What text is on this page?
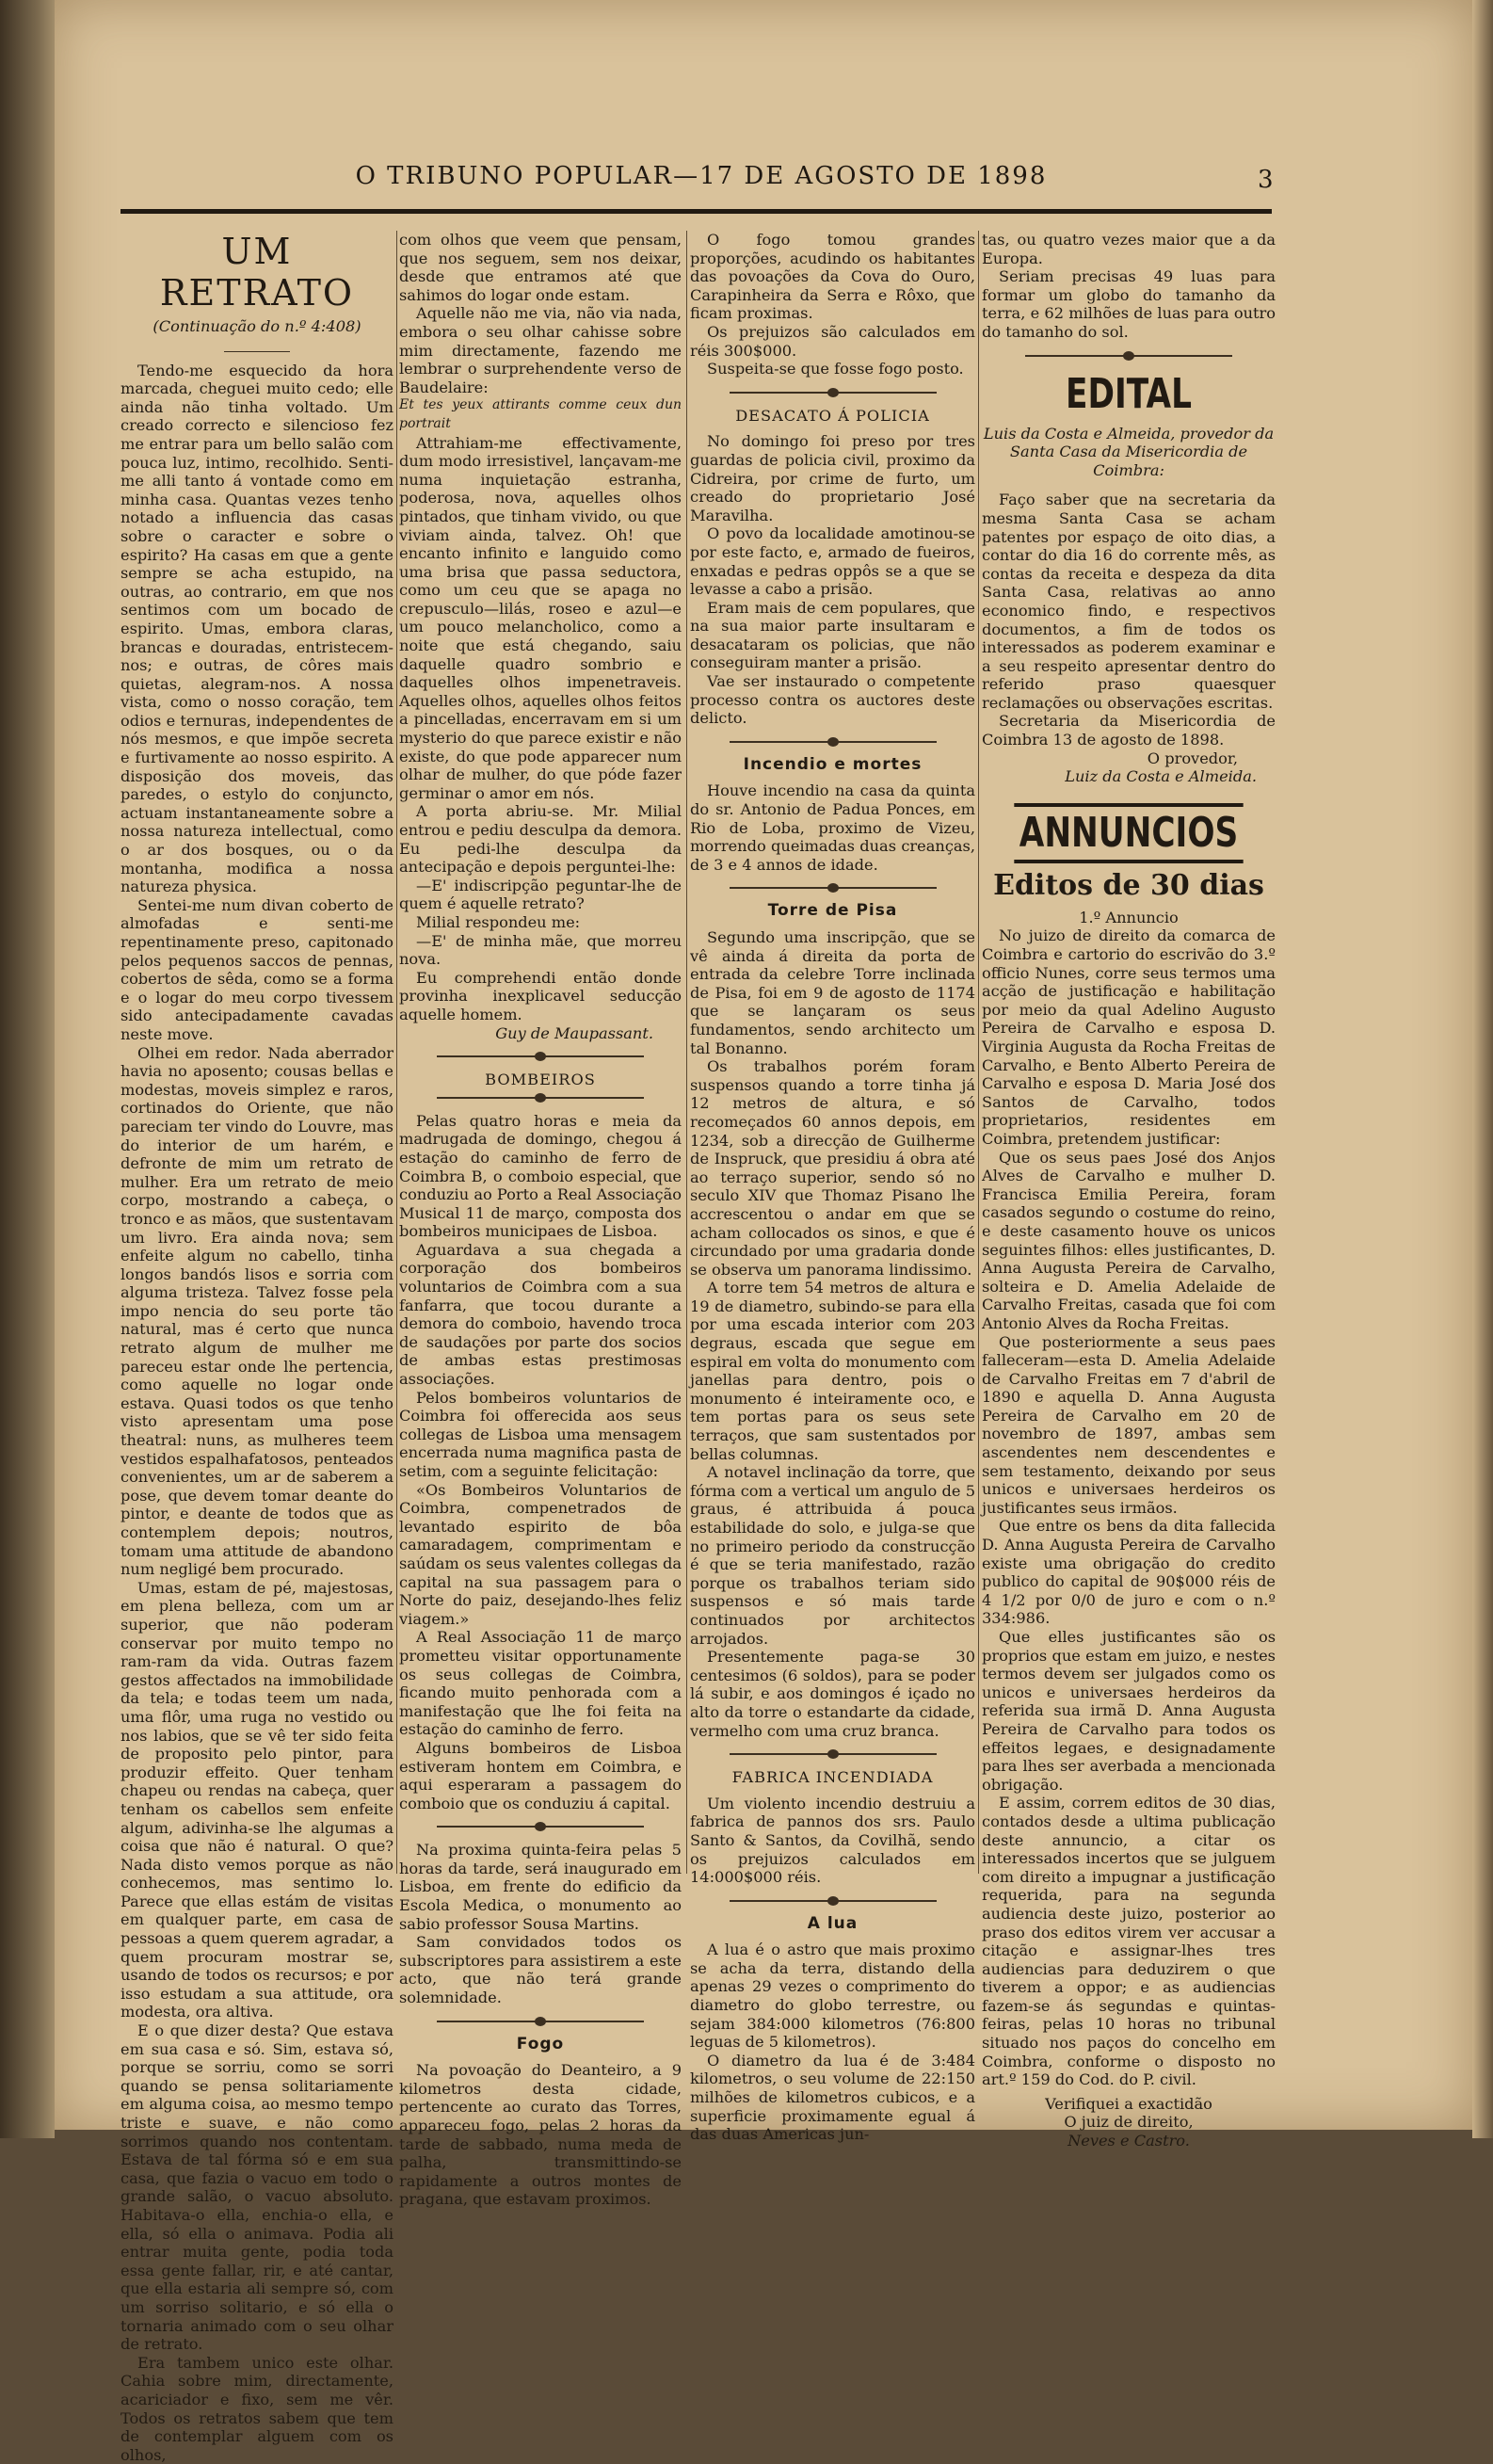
O TRIBUNO POPULAR—17 DE AGOSTO DE 1898	3
UM RETRATO

(Continuação do n.º 4:408)

Tendo-me esquecido da hora marcada, cheguei muito cedo; elle ainda não tinha voltado. Um creado correcto e silencioso fez me entrar para um bello salão com pouca luz, intimo, recolhido. Senti-me alli tanto á vontade como em minha casa. Quantas vezes tenho notado a influencia das casas sobre o caracter e sobre o espirito? Ha casas em que a gente sempre se acha estupido, na outras, ao contrario, em que nos sentimos com um bocado de espirito. Umas, embora claras, brancas e douradas, entristecem-nos; e outras, de côres mais quietas, alegram-nos. A nossa vista, como o nosso coração, tem odios e ternuras, independentes de nós mesmos, e que impõe secreta e furtivamente ao nosso espirito. A disposição dos moveis, das paredes, o estylo do conjuncto, actuam instantaneamente sobre a nossa natureza intellectual, como o ar dos bosques, ou o da montanha, modifica a nossa natureza physica.

Sentei-me num divan coberto de almofadas e senti-me repentinamente preso, capitonado pelos pequenos saccos de pennas, cobertos de sêda, como se a forma e o logar do meu corpo tivessem sido antecipadamente cavadas neste move.

Olhei em redor. Nada aberrador havia no aposento; cousas bellas e modestas, moveis simplez e raros, cortinados do Oriente, que não pareciam ter vindo do Louvre, mas do interior de um harém, e defronte de mim um retrato de mulher. Era um retrato de meio corpo, mostrando a cabeça, o tronco e as mãos, que sustentavam um livro. Era ainda nova; sem enfeite algum no cabello, tinha longos bandós lisos e sorria com alguma tristeza. Talvez fosse pela impo nencia do seu porte tão natural, mas é certo que nunca retrato algum de mulher me pareceu estar onde lhe pertencia, como aquelle no logar onde estava. Quasi todos os que tenho visto apresentam uma pose theatral: nuns, as mulheres teem vestidos espalhafatosos, penteados convenientes, um ar de saberem a pose, que devem tomar deante do pintor, e deante de todos que as contemplem depois; noutros, tomam uma attitude de abandono num negligé bem procurado.

Umas, estam de pé, majestosas, em plena belleza, com um ar superior, que não poderam conservar por muito tempo no ram-ram da vida. Outras fazem gestos affectados na immobilidade da tela; e todas teem um nada, uma flôr, uma ruga no vestido ou nos labios, que se vê ter sido feita de proposito pelo pintor, para produzir effeito. Quer tenham chapeu ou rendas na cabeça, quer tenham os cabellos sem enfeite algum, adivinha-se lhe algumas a coisa que não é natural. O que? Nada disto vemos porque as não conhecemos, mas sentimo lo. Parece que ellas estám de visitas em qualquer parte, em casa de pessoas a quem querem agradar, a quem procuram mostrar se, usando de todos os recursos; e por isso estudam a sua attitude, ora modesta, ora altiva.

E o que dizer desta? Que estava em sua casa e só. Sim, estava só, porque se sorriu, como se sorri quando se pensa solitariamente em alguma coisa, ao mesmo tempo triste e suave, e não como sorrimos quando nos contentam. Estava de tal fórma só e em sua casa, que fazia o vacuo em todo o grande salão, o vacuo absoluto. Habitava-o ella, enchia-o ella, e ella, só ella o animava. Podia ali entrar muita gente, podia toda essa gente fallar, rir, e até cantar, que ella estaria ali sempre só, com um sorriso solitario, e só ella o tornaria animado com o seu olhar de retrato.

Era tambem unico este olhar. Cahia sobre mim, directamente, acariciador e fixo, sem me vêr. Todos os retratos sabem que tem de contemplar alguem com os olhos,

com olhos que veem que pensam, que nos seguem, sem nos deixar, desde que entramos até que sahimos do logar onde estam.

Aquelle não me via, não via nada, embora o seu olhar cahisse sobre mim directamente, fazendo me lembrar o surprehendente verso de Baudelaire:

Et tes yeux attirants comme ceux dun portrait

Attrahiam-me effectivamente, dum modo irresistivel, lançavam-me numa inquietação estranha, poderosa, nova, aquelles olhos pintados, que tinham vivido, ou que viviam ainda, talvez. Oh! que encanto infinito e languido como uma brisa que passa seductora, como um ceu que se apaga no crepusculo—lilás, roseo e azul—e um pouco melancholico, como a noite que está chegando, saiu daquelle quadro sombrio e daquelles olhos impenetraveis. Aquelles olhos, aquelles olhos feitos a pincelladas, encerravam em si um mysterio do que parece existir e não existe, do que pode apparecer num olhar de mulher, do que póde fazer germinar o amor em nós.

A porta abriu-se. Mr. Milial entrou e pediu desculpa da demora. Eu pedi-lhe desculpa da antecipação e depois perguntei-lhe:

—E' indiscripção peguntar-lhe de quem é aquelle retrato?

Milial respondeu me:

—E' de minha mãe, que morreu nova.

Eu comprehendi então donde provinha inexplicavel seducção aquelle homem.

Guy de Maupassant.

BOMBEIROS

Pelas quatro horas e meia da madrugada de domingo, chegou á estação do caminho de ferro de Coimbra B, o comboio especial, que conduziu ao Porto a Real Associação Musical 11 de março, composta dos bombeiros municipaes de Lisboa.

Aguardava a sua chegada a corporação dos bombeiros voluntarios de Coimbra com a sua fanfarra, que tocou durante a demora do comboio, havendo troca de saudações por parte dos socios de ambas estas prestimosas associações.

Pelos bombeiros voluntarios de Coimbra foi offerecida aos seus collegas de Lisboa uma mensagem encerrada numa magnifica pasta de setim, com a seguinte felicitação:

«Os Bombeiros Voluntarios de Coimbra, compenetrados de levantado espirito de bôa camaradagem, comprimentam e saúdam os seus valentes collegas da capital na sua passagem para o Norte do paiz, desejando-lhes feliz viagem.»

A Real Associação 11 de março prometteu visitar opportunamente os seus collegas de Coimbra, ficando muito penhorada com a manifestação que lhe foi feita na estação do caminho de ferro.

Alguns bombeiros de Lisboa estiveram hontem em Coimbra, e aqui esperaram a passagem do comboio que os conduziu á capital.

Na proxima quinta-feira pelas 5 horas da tarde, será inaugurado em Lisboa, em frente do edificio da Escola Medica, o monumento ao sabio professor Sousa Martins.

Sam convidados todos os subscriptores para assistirem a este acto, que não terá grande solemnidade.

Fogo

Na povoação do Deanteiro, a 9 kilometros desta cidade, pertencente ao curato das Torres, appareceu fogo, pelas 2 horas da tarde de sabbado, numa meda de palha, transmittindo-se rapidamente a outros montes de pragana, que estavam proximos.

O fogo tomou grandes proporções, acudindo os habitantes das povoações da Cova do Ouro, Carapinheira da Serra e Rôxo, que ficam proximas.

Os prejuizos são calculados em réis 300$000.

Suspeita-se que fosse fogo posto.

DESACATO Á POLICIA

No domingo foi preso por tres guardas de policia civil, proximo da Cidreira, por crime de furto, um creado do proprietario José Maravilha.

O povo da localidade amotinou-se por este facto, e, armado de fueiros, enxadas e pedras oppôs se a que se levasse a cabo a prisão.

Eram mais de cem populares, que na sua maior parte insultaram e desacataram os policias, que não conseguiram manter a prisão.

Vae ser instaurado o competente processo contra os auctores deste delicto.

Incendio e mortes

Houve incendio na casa da quinta do sr. Antonio de Padua Ponces, em Rio de Loba, proximo de Vizeu, morrendo queimadas duas creanças, de 3 e 4 annos de idade.

Torre de Pisa

Segundo uma inscripção, que se vê ainda á direita da porta de entrada da celebre Torre inclinada de Pisa, foi em 9 de agosto de 1174 que se lançaram os seus fundamentos, sendo architecto um tal Bonanno.

Os trabalhos porém foram suspensos quando a torre tinha já 12 metros de altura, e só recomeçados 60 annos depois, em 1234, sob a direcção de Guilherme de Inspruck, que presidiu á obra até ao terraço superior, sendo só no seculo XIV que Thomaz Pisano lhe accrescentou o andar em que se acham collocados os sinos, e que é circundado por uma gradaria donde se observa um panorama lindissimo.

A torre tem 54 metros de altura e 19 de diametro, subindo-se para ella por uma escada interior com 203 degraus, escada que segue em espiral em volta do monumento com janellas para dentro, pois o monumento é inteiramente oco, e tem portas para os seus sete terraços, que sam sustentados por bellas columnas.

A notavel inclinação da torre, que fórma com a vertical um angulo de 5 graus, é attribuida á pouca estabilidade do solo, e julga-se que no primeiro periodo da construcção é que se teria manifestado, razão porque os trabalhos teriam sido suspensos e só mais tarde continuados por architectos arrojados.

Presentemente paga-se 30 centesimos (6 soldos), para se poder lá subir, e aos domingos é içado no alto da torre o estandarte da cidade, vermelho com uma cruz branca.

FABRICA INCENDIADA

Um violento incendio destruiu a fabrica de pannos dos srs. Paulo Santo & Santos, da Covilhã, sendo os prejuizos calculados em 14:000$000 réis.

A lua

A lua é o astro que mais proximo se acha da terra, distando della apenas 29 vezes o comprimento do diametro do globo terrestre, ou sejam 384:000 kilometros (76:800 leguas de 5 kilometros).

O diametro da lua é de 3:484 kilometros, o seu volume de 22:150 milhões de kilometros cubicos, e a superficie proximamente egual á das duas Americas jun-

tas, ou quatro vezes maior que a da Europa.

Seriam precisas 49 luas para formar um globo do tamanho da terra, e 62 milhões de luas para outro do tamanho do sol.

EDITAL

Luis da Costa e Almeida, provedor da Santa Casa da Misericordia de Coimbra:

Faço saber que na secretaria da mesma Santa Casa se acham patentes por espaço de oito dias, a contar do dia 16 do corrente mês, as contas da receita e despeza da dita Santa Casa, relativas ao anno economico findo, e respectivos documentos, a fim de todos os interessados as poderem examinar e a seu respeito apresentar dentro do referido praso quaesquer reclamações ou observações escritas.

Secretaria da Misericordia de Coimbra 13 de agosto de 1898.

O provedor,

Luiz da Costa e Almeida.

ANNUNCIOS

Editos de 30 dias

1.º Annuncio

No juizo de direito da comarca de Coimbra e cartorio do escrivão do 3.º officio Nunes, corre seus termos uma acção de justificação e habilitação por meio da qual Adelino Augusto Pereira de Carvalho e esposa D. Virginia Augusta da Rocha Freitas de Carvalho, e Bento Alberto Pereira de Carvalho e esposa D. Maria José dos Santos de Carvalho, todos proprietarios, residentes em Coimbra, pretendem justificar:

Que os seus paes José dos Anjos Alves de Carvalho e mulher D. Francisca Emilia Pereira, foram casados segundo o costume do reino, e deste casamento houve os unicos seguintes filhos: elles justificantes, D. Anna Augusta Pereira de Carvalho, solteira e D. Amelia Adelaide de Carvalho Freitas, casada que foi com Antonio Alves da Rocha Freitas.

Que posteriormente a seus paes falleceram—esta D. Amelia Adelaide de Carvalho Freitas em 7 d'abril de 1890 e aquella D. Anna Augusta Pereira de Carvalho em 20 de novembro de 1897, ambas sem ascendentes nem descendentes e sem testamento, deixando por seus unicos e universaes herdeiros os justificantes seus irmãos.

Que entre os bens da dita fallecida D. Anna Augusta Pereira de Carvalho existe uma obrigação do credito publico do capital de 90$000 réis de 4 1/2 por 0/0 de juro e com o n.º 334:986.

Que elles justificantes são os proprios que estam em juizo, e nestes termos devem ser julgados como os unicos e universaes herdeiros da referida sua irmã D. Anna Augusta Pereira de Carvalho para todos os effeitos legaes, e designadamente para lhes ser averbada a mencionada obrigação.

E assim, correm editos de 30 dias, contados desde a ultima publicação deste annuncio, a citar os interessados incertos que se julguem com direito a impugnar a justificação requerida, para na segunda audiencia deste juizo, posterior ao praso dos editos virem ver accusar a citação e assignar-lhes tres audiencias para deduzirem o que tiverem a oppor; e as audiencias fazem-se ás segundas e quintas-feiras, pelas 10 horas no tribunal situado nos paços do concelho em Coimbra, conforme o disposto no art.º 159 do Cod. do P. civil.

Verifiquei a exactidão

O juiz de direito,

Neves e Castro.
